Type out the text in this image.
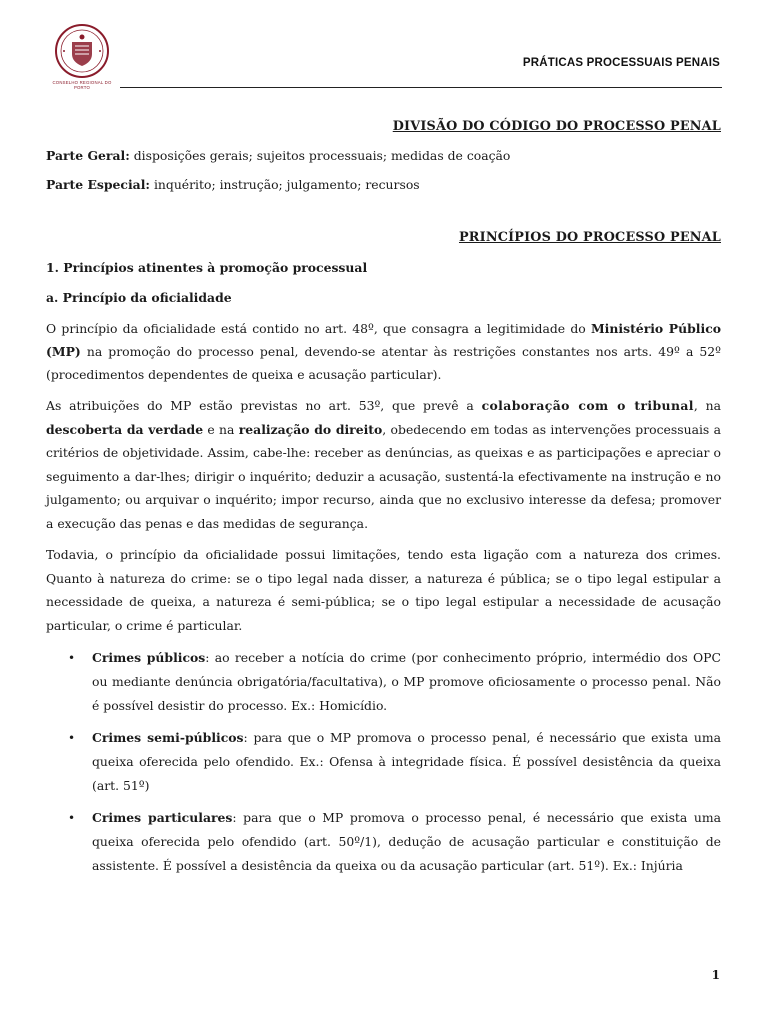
CONSELHO REGIONAL DO PORTO
PRÁTICAS PROCESSUAIS PENAIS
DIVISÃO DO CÓDIGO DO PROCESSO PENAL

Parte Geral: disposições gerais; sujeitos processuais; medidas de coação

Parte Especial: inquérito; instrução; julgamento; recursos

PRINCÍPIOS DO PROCESSO PENAL

1. Princípios atinentes à promoção processual

a. Princípio da oficialidade

O princípio da oficialidade está contido no art. 48º, que consagra a legitimidade do Ministério Público (MP) na promoção do processo penal, devendo-se atentar às restrições constantes nos arts. 49º a 52º (procedimentos dependentes de queixa e acusação particular).

As atribuições do MP estão previstas no art. 53º, que prevê a colaboração com o tribunal, na descoberta da verdade e na realização do direito, obedecendo em todas as intervenções processuais a critérios de objetividade. Assim, cabe-lhe: receber as denúncias, as queixas e as participações e apreciar o seguimento a dar-lhes; dirigir o inquérito; deduzir a acusação, sustentá-la efectivamente na instrução e no julgamento; ou arquivar o inquérito; impor recurso, ainda que no exclusivo interesse da defesa; promover a execução das penas e das medidas de segurança.

Todavia, o princípio da oficialidade possui limitações, tendo esta ligação com a natureza dos crimes. Quanto à natureza do crime: se o tipo legal nada disser, a natureza é pública; se o tipo legal estipular a necessidade de queixa, a natureza é semi-pública; se o tipo legal estipular a necessidade de acusação particular, o crime é particular.

• Crimes públicos: ao receber a notícia do crime (por conhecimento próprio, intermédio dos OPC ou mediante denúncia obrigatória/facultativa), o MP promove oficiosamente o processo penal. Não é possível desistir do processo. Ex.: Homicídio.
• Crimes semi-públicos: para que o MP promova o processo penal, é necessário que exista uma queixa oferecida pelo ofendido. Ex.: Ofensa à integridade física. É possível desistência da queixa (art. 51º)
• Crimes particulares: para que o MP promova o processo penal, é necessário que exista uma queixa oferecida pelo ofendido (art. 50º/1), dedução de acusação particular e constituição de assistente. É possível a desistência da queixa ou da acusação particular (art. 51º). Ex.: Injúria
1
